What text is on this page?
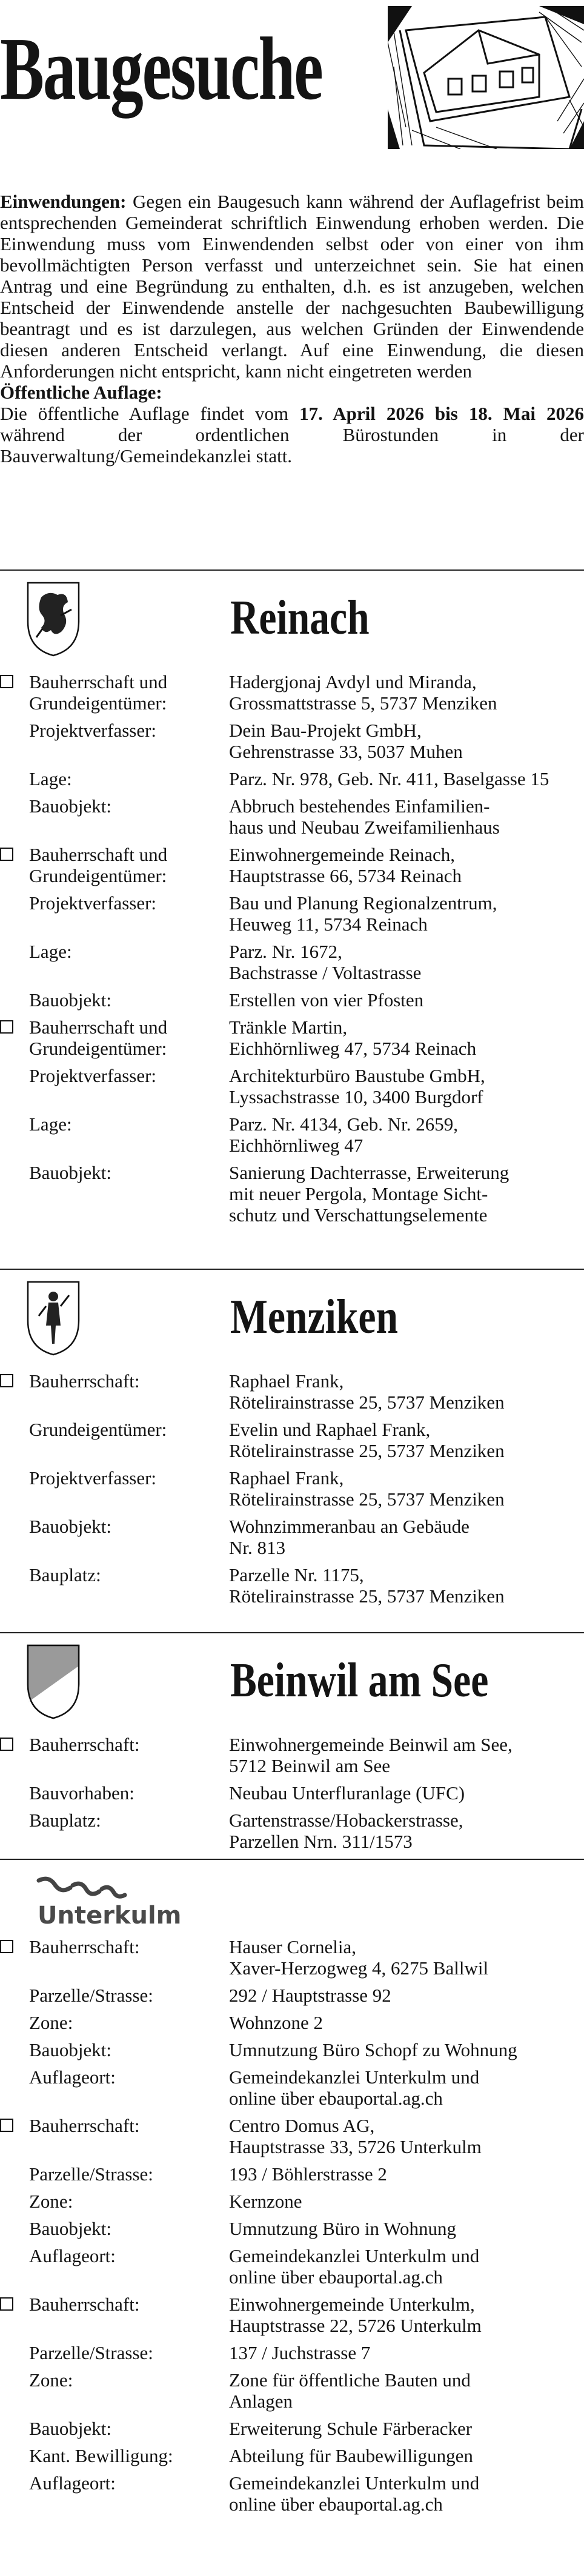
Baugesuche

Einwendungen: Gegen ein Baugesuch kann während der Auflagefrist beim entsprechenden Gemeinderat schriftlich Einwendung erhoben werden. Die Einwendung muss vom Einwendenden selbst oder von einer von ihm bevollmächtigten Person verfasst und unterzeichnet sein. Sie hat einen Antrag und eine Begründung zu enthalten, d.h. es ist anzugeben, welchen Entscheid der Einwendende anstelle der nachgesuchten Baubewilligung beantragt und es ist darzulegen, aus welchen Gründen der Einwendende diesen anderen Entscheid verlangt. Auf eine Einwendung, die diesen Anforderungen nicht entspricht, kann nicht eingetreten werden

Öffentliche Auflage:

Die öffentliche Auflage findet vom 17. April 2026 bis 18. Mai 2026 während der ordentlichen Bürostunden in der Bauverwaltung/Gemeindekanzlei statt.

Reinach
Bauherrschaft und	Hadergjonaj Avdyl und Miranda,
Grundeigentümer:	Grossmattstrasse 5, 5737 Menziken
Projektverfasser:	Dein Bau-Projekt GmbH,
Gehrenstrasse 33, 5037 Muhen
Lage:	Parz. Nr. 978, Geb. Nr. 411, Baselgasse 15
Bauobjekt:	Abbruch bestehendes Einfamilien-
haus und Neubau Zweifamilienhaus
Bauherrschaft und	Einwohnergemeinde Reinach,
Grundeigentümer:	Hauptstrasse 66, 5734 Reinach
Projektverfasser:	Bau und Planung Regionalzentrum,
Heuweg 11, 5734 Reinach
Lage:	Parz. Nr. 1672,
Bachstrasse / Voltastrasse
Bauobjekt:	Erstellen von vier Pfosten
Bauherrschaft und	Tränkle Martin,
Grundeigentümer:	Eichhörnliweg 47, 5734 Reinach
Projektverfasser:	Architekturbüro Baustube GmbH,
Lyssachstrasse 10, 3400 Burgdorf
Lage:	Parz. Nr. 4134, Geb. Nr. 2659,
Eichhörnliweg 47
Bauobjekt:	Sanierung Dachterrasse, Erweiterung
mit neuer Pergola, Montage Sicht-
schutz und Verschattungselemente
Menziken
Bauherrschaft:	Raphael Frank,
Rötelirainstrasse 25, 5737 Menziken
Grundeigentümer:	Evelin und Raphael Frank,
Rötelirainstrasse 25, 5737 Menziken
Projektverfasser:	Raphael Frank,
Rötelirainstrasse 25, 5737 Menziken
Bauobjekt:	Wohnzimmeranbau an Gebäude
Nr. 813
Bauplatz:	Parzelle Nr. 1175,
Rötelirainstrasse 25, 5737 Menziken
Beinwil am See
Bauherrschaft:	Einwohnergemeinde Beinwil am See,
5712 Beinwil am See
Bauvorhaben:	Neubau Unterfluranlage (UFC)
Bauplatz:	Gartenstrasse/Hobackerstrasse,
Parzellen Nrn. 311/1573
Unterkulm
Bauherrschaft:	Hauser Cornelia,
Xaver-Herzogweg 4, 6275 Ballwil
Parzelle/Strasse:	292 / Hauptstrasse 92
Zone:	Wohnzone 2
Bauobjekt:	Umnutzung Büro Schopf zu Wohnung
Auflageort:	Gemeindekanzlei Unterkulm und
online über ebauportal.ag.ch
Bauherrschaft:	Centro Domus AG,
Hauptstrasse 33, 5726 Unterkulm
Parzelle/Strasse:	193 / Böhlerstrasse 2
Zone:	Kernzone
Bauobjekt:	Umnutzung Büro in Wohnung
Auflageort:	Gemeindekanzlei Unterkulm und
online über ebauportal.ag.ch
Bauherrschaft:	Einwohnergemeinde Unterkulm,
Hauptstrasse 22, 5726 Unterkulm
Parzelle/Strasse:	137 / Juchstrasse 7
Zone:	Zone für öffentliche Bauten und
Anlagen
Bauobjekt:	Erweiterung Schule Färberacker
Kant. Bewilligung:	Abteilung für Baubewilligungen
Auflageort:	Gemeindekanzlei Unterkulm und
online über ebauportal.ag.ch
